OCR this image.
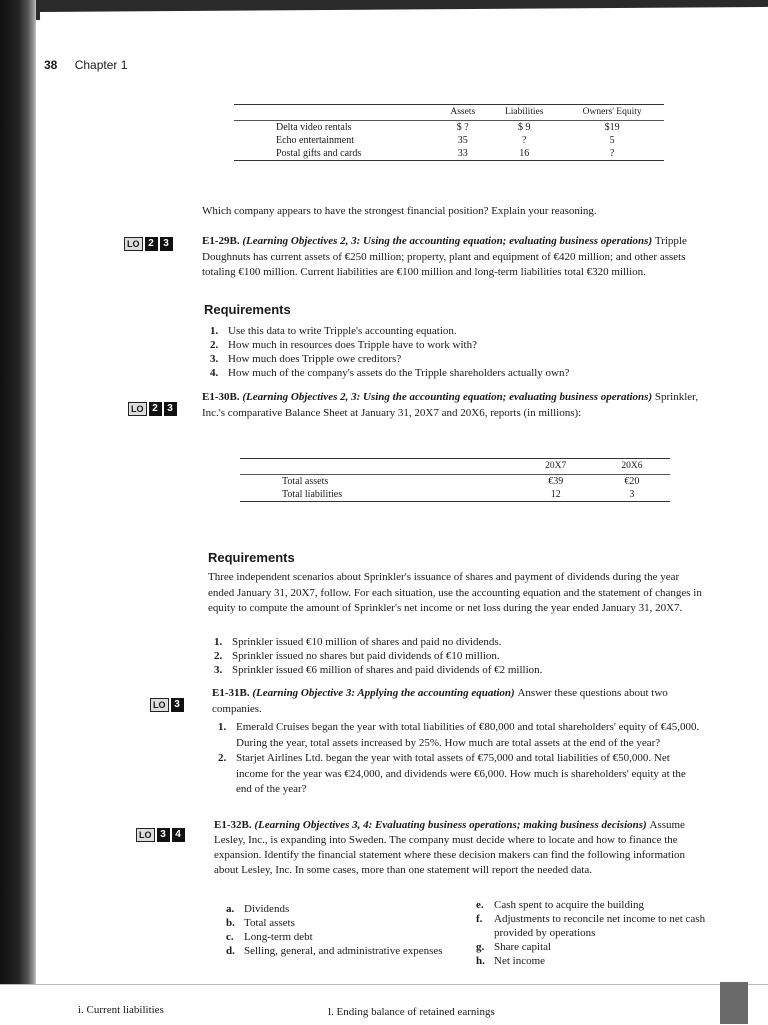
38 Chapter 1
	Assets	Liabilities	Owners' Equity
Delta video rentals	$ ?	$ 9	$19
Echo entertainment	35	?	5
Postal gifts and cards	33	16	?
Which company appears to have the strongest financial position? Explain your reasoning.
LO 2 3	E1-29B. (Learning Objectives 2, 3: Using the accounting equation; evaluating business operations) Tripple Doughnuts has current assets of €250 million; property, plant and equipment of €420 million; and other assets totaling €100 million. Current liabilities are €100 million and long-term liabilities total €320 million.
Requirements
1. Use this data to write Tripple's accounting equation.
2. How much in resources does Tripple have to work with?
3. How much does Tripple owe creditors?
4. How much of the company's assets do the Tripple shareholders actually own?
LO 2 3
E1-30B. (Learning Objectives 2, 3: Using the accounting equation; evaluating business operations) Sprinkler, Inc.'s comparative Balance Sheet at January 31, 20X7 and 20X6, reports (in millions):
	20X7	20X6
Total assets	€39	€20
Total liabilities	12	3
Requirements
Three independent scenarios about Sprinkler's issuance of shares and payment of dividends during the year ended January 31, 20X7, follow. For each situation, use the accounting equation and the statement of changes in equity to compute the amount of Sprinkler's net income or net loss during the year ended January 31, 20X7.
1. Sprinkler issued €10 million of shares and paid no dividends.
2. Sprinkler issued no shares but paid dividends of €10 million.
3. Sprinkler issued €6 million of shares and paid dividends of €2 million.
LO 3
E1-31B. (Learning Objective 3: Applying the accounting equation) Answer these questions about two companies.
1. Emerald Cruises began the year with total liabilities of €80,000 and total shareholders' equity of €45,000. During the year, total assets increased by 25%. How much are total assets at the end of the year?
2. Starjet Airlines Ltd. began the year with total assets of €75,000 and total liabilities of €50,000. Net income for the year was €24,000, and dividends were €6,000. How much is shareholders' equity at the end of the year?
LO 3 4
E1-32B. (Learning Objectives 3, 4: Evaluating business operations; making business decisions) Assume Lesley, Inc., is expanding into Sweden. The company must decide where to locate and how to finance the expansion. Identify the financial statement where these decision makers can find the following information about Lesley, Inc. In some cases, more than one statement will report the needed data.
a. Dividends
b. Total assets
c. Long-term debt
d. Selling, general, and administrative expenses
e. Cash spent to acquire the building
f. Adjustments to reconcile net income to net cash provided by operations
g. Share capital
h. Net income
i. Current liabilities	l. Ending balance of retained earnings
